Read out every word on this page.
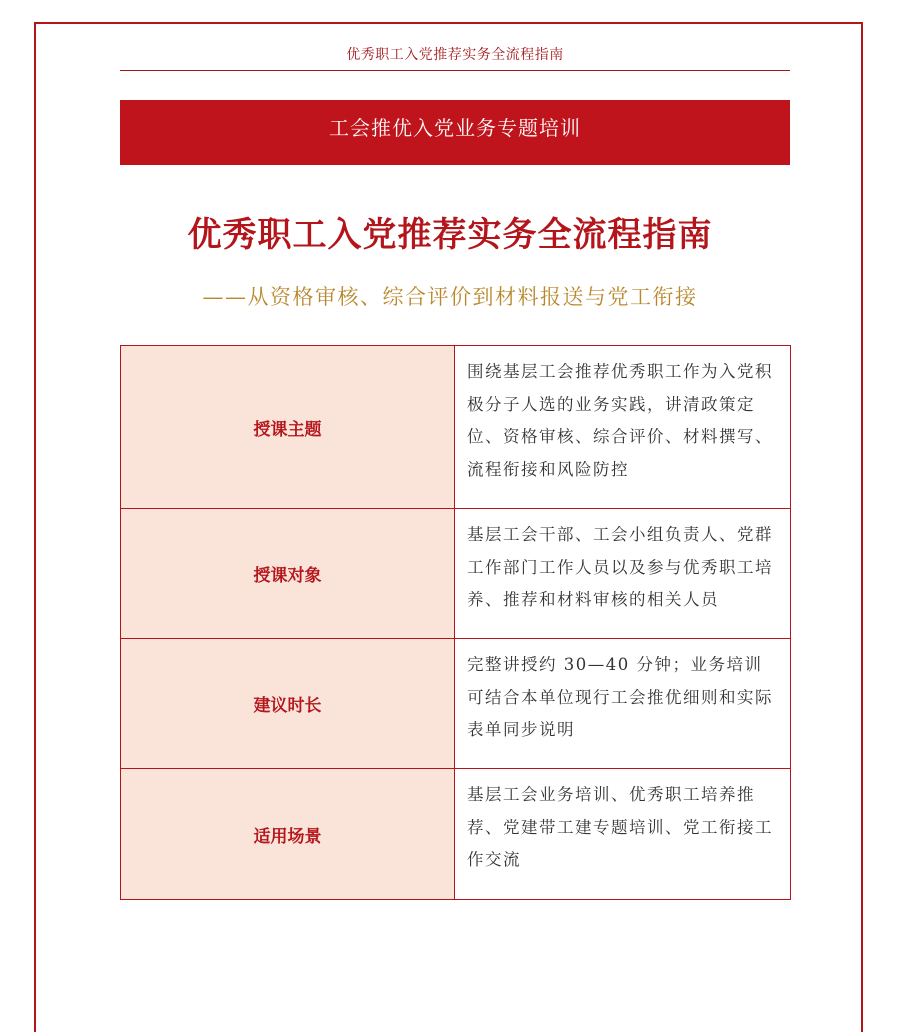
优秀职工入党推荐实务全流程指南
工会推优入党业务专题培训
优秀职工入党推荐实务全流程指南
——从资格审核、综合评价到材料报送与党工衔接
授课主题	围绕基层工会推荐优秀职工作为入党积极分子人选的业务实践，讲清政策定位、资格审核、综合评价、材料撰写、流程衔接和风险防控
授课对象	基层工会干部、工会小组负责人、党群工作部门工作人员以及参与优秀职工培养、推荐和材料审核的相关人员
建议时长	完整讲授约 30—40 分钟；业务培训可结合本单位现行工会推优细则和实际表单同步说明
适用场景	基层工会业务培训、优秀职工培养推荐、党建带工建专题培训、党工衔接工作交流
